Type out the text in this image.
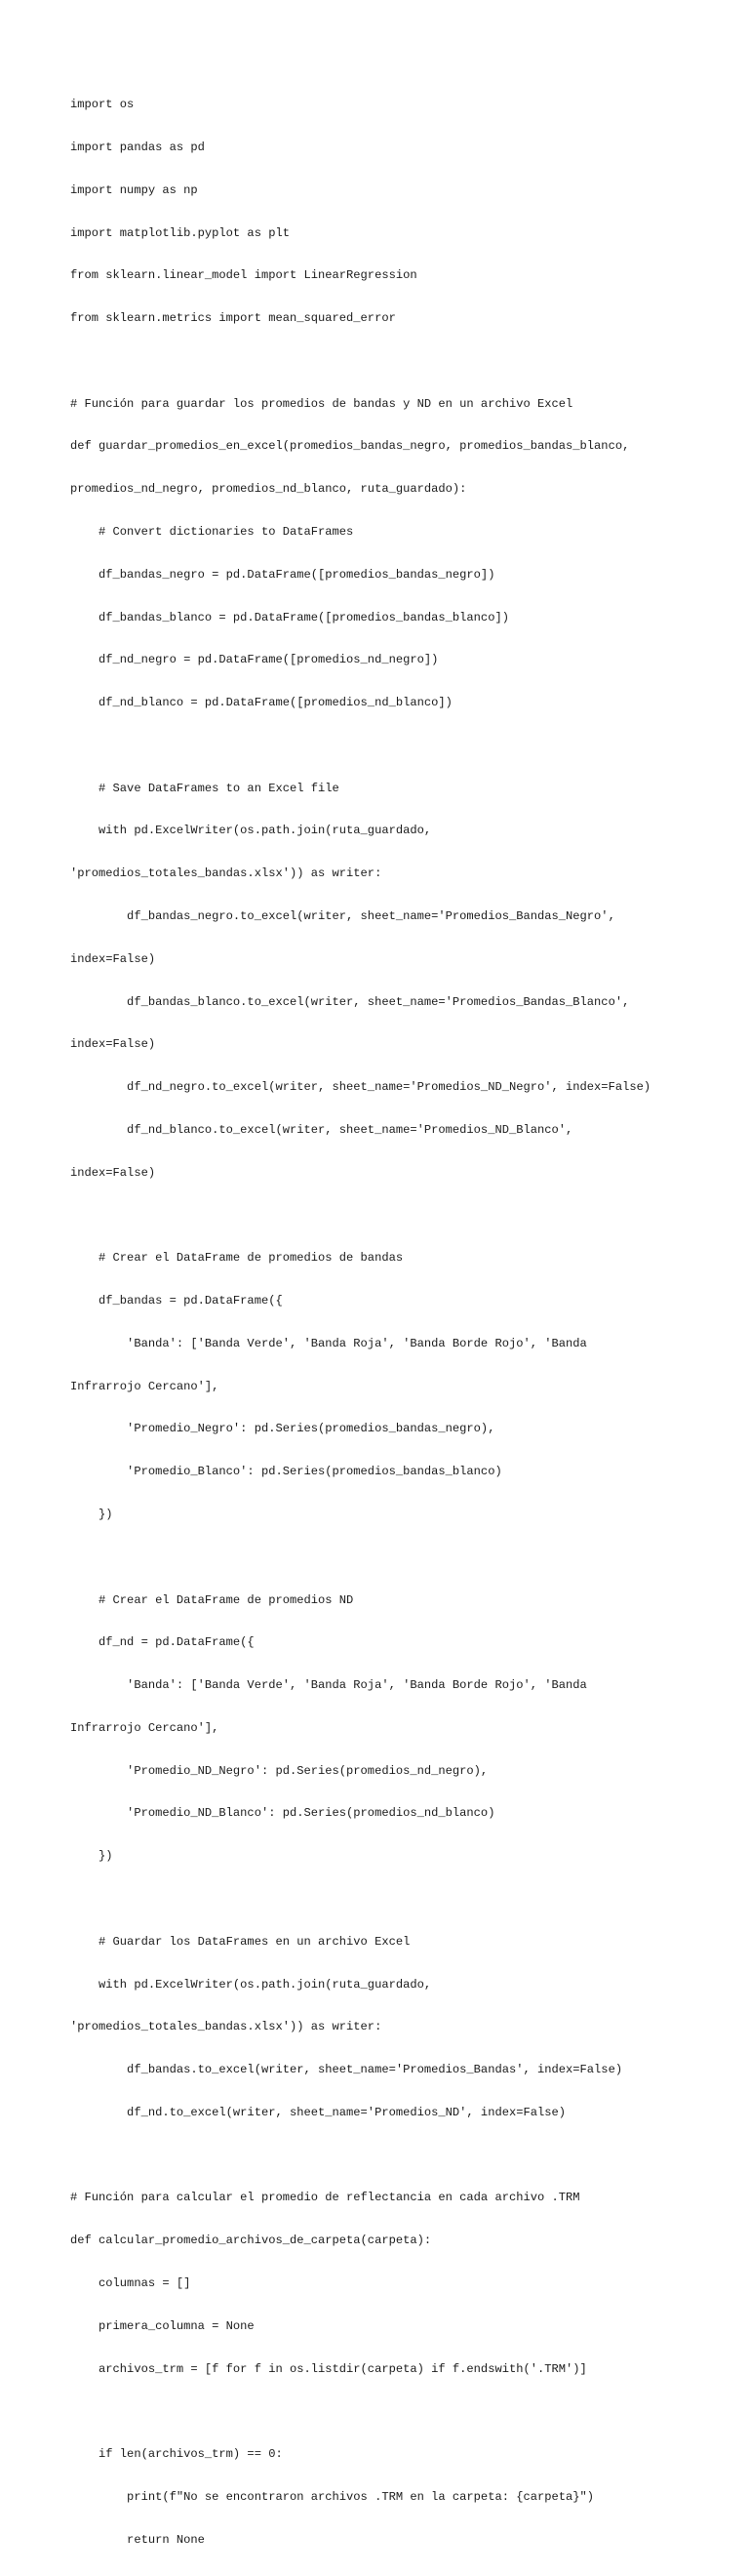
import os

import pandas as pd

import numpy as np

import matplotlib.pyplot as plt

from sklearn.linear_model import LinearRegression

from sklearn.metrics import mean_squared_error

# Función para guardar los promedios de bandas y ND en un archivo Excel

def guardar_promedios_en_excel(promedios_bandas_negro, promedios_bandas_blanco,

promedios_nd_negro, promedios_nd_blanco, ruta_guardado):

# Convert dictionaries to DataFrames

df_bandas_negro = pd.DataFrame([promedios_bandas_negro])

df_bandas_blanco = pd.DataFrame([promedios_bandas_blanco])

df_nd_negro = pd.DataFrame([promedios_nd_negro])

df_nd_blanco = pd.DataFrame([promedios_nd_blanco])

# Save DataFrames to an Excel file

with pd.ExcelWriter(os.path.join(ruta_guardado,

'promedios_totales_bandas.xlsx')) as writer:

df_bandas_negro.to_excel(writer, sheet_name='Promedios_Bandas_Negro',

index=False)

df_bandas_blanco.to_excel(writer, sheet_name='Promedios_Bandas_Blanco',

index=False)

df_nd_negro.to_excel(writer, sheet_name='Promedios_ND_Negro', index=False)

df_nd_blanco.to_excel(writer, sheet_name='Promedios_ND_Blanco',

index=False)

# Crear el DataFrame de promedios de bandas

df_bandas = pd.DataFrame({

'Banda': ['Banda Verde', 'Banda Roja', 'Banda Borde Rojo', 'Banda

Infrarrojo Cercano'],

'Promedio_Negro': pd.Series(promedios_bandas_negro),

'Promedio_Blanco': pd.Series(promedios_bandas_blanco)

})

# Crear el DataFrame de promedios ND

df_nd = pd.DataFrame({

'Banda': ['Banda Verde', 'Banda Roja', 'Banda Borde Rojo', 'Banda

Infrarrojo Cercano'],

'Promedio_ND_Negro': pd.Series(promedios_nd_negro),

'Promedio_ND_Blanco': pd.Series(promedios_nd_blanco)

})

# Guardar los DataFrames en un archivo Excel

with pd.ExcelWriter(os.path.join(ruta_guardado,

'promedios_totales_bandas.xlsx')) as writer:

df_bandas.to_excel(writer, sheet_name='Promedios_Bandas', index=False)

df_nd.to_excel(writer, sheet_name='Promedios_ND', index=False)

# Función para calcular el promedio de reflectancia en cada archivo .TRM

def calcular_promedio_archivos_de_carpeta(carpeta):

columnas = []

primera_columna = None

archivos_trm = [f for f in os.listdir(carpeta) if f.endswith('.TRM')]

if len(archivos_trm) == 0:

print(f"No se encontraron archivos .TRM en la carpeta: {carpeta}")

return None
